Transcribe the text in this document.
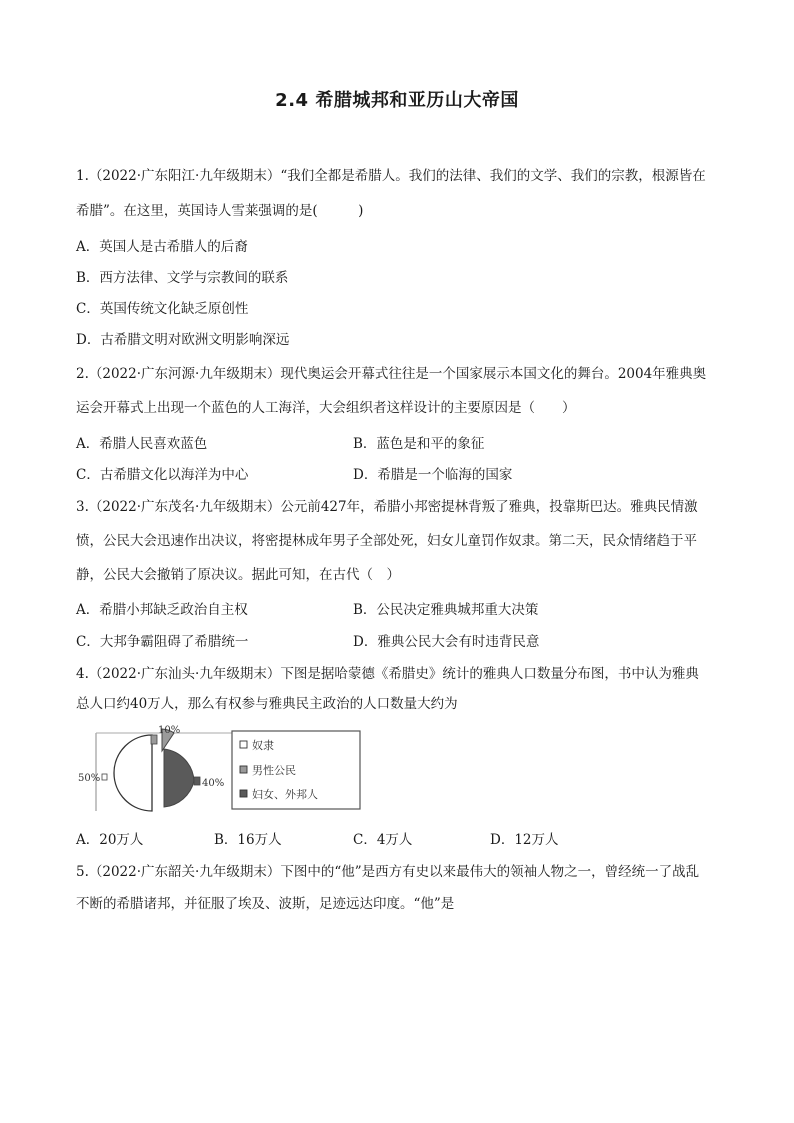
2.4 希腊城邦和亚历山大帝国
1.（2022·广东阳江·九年级期末）“我们全都是希腊人。我们的法律、我们的文学、我们的宗教，根源皆在
希腊”。在这里，英国诗人雪莱强调的是(　　　)
A．英国人是古希腊人的后裔
B．西方法律、文学与宗教间的联系
C．英国传统文化缺乏原创性
D．古希腊文明对欧洲文明影响深远
2.（2022·广东河源·九年级期末）现代奥运会开幕式往往是一个国家展示本国文化的舞台。2004年雅典奥
运会开幕式上出现一个蓝色的人工海洋，大会组织者这样设计的主要原因是（　　）
A．希腊人民喜欢蓝色	B．蓝色是和平的象征
C．古希腊文化以海洋为中心	D．希腊是一个临海的国家
3.（2022·广东茂名·九年级期末）公元前427年，希腊小邦密提林背叛了雅典，投靠斯巴达。雅典民情激
愤，公民大会迅速作出决议，将密提林成年男子全部处死，妇女儿童罚作奴隶。第二天，民众情绪趋于平
静，公民大会撤销了原决议。据此可知，在古代（　）
A．希腊小邦缺乏政治自主权	B．公民决定雅典城邦重大决策
C．大邦争霸阻碍了希腊统一	D．雅典公民大会有时违背民意
4.（2022·广东汕头·九年级期末）下图是据哈蒙德《希腊史》统计的雅典人口数量分布图，书中认为雅典
总人口约40万人，那么有权参与雅典民主政治的人口数量大约为
50%
10%
40%
奴隶
男性公民
妇女、外邦人
A．20万人	B．16万人	C．4万人	D．12万人
5.（2022·广东韶关·九年级期末）下图中的“他”是西方有史以来最伟大的领袖人物之一，曾经统一了战乱
不断的希腊诸邦，并征服了埃及、波斯，足迹远达印度。“他”是
